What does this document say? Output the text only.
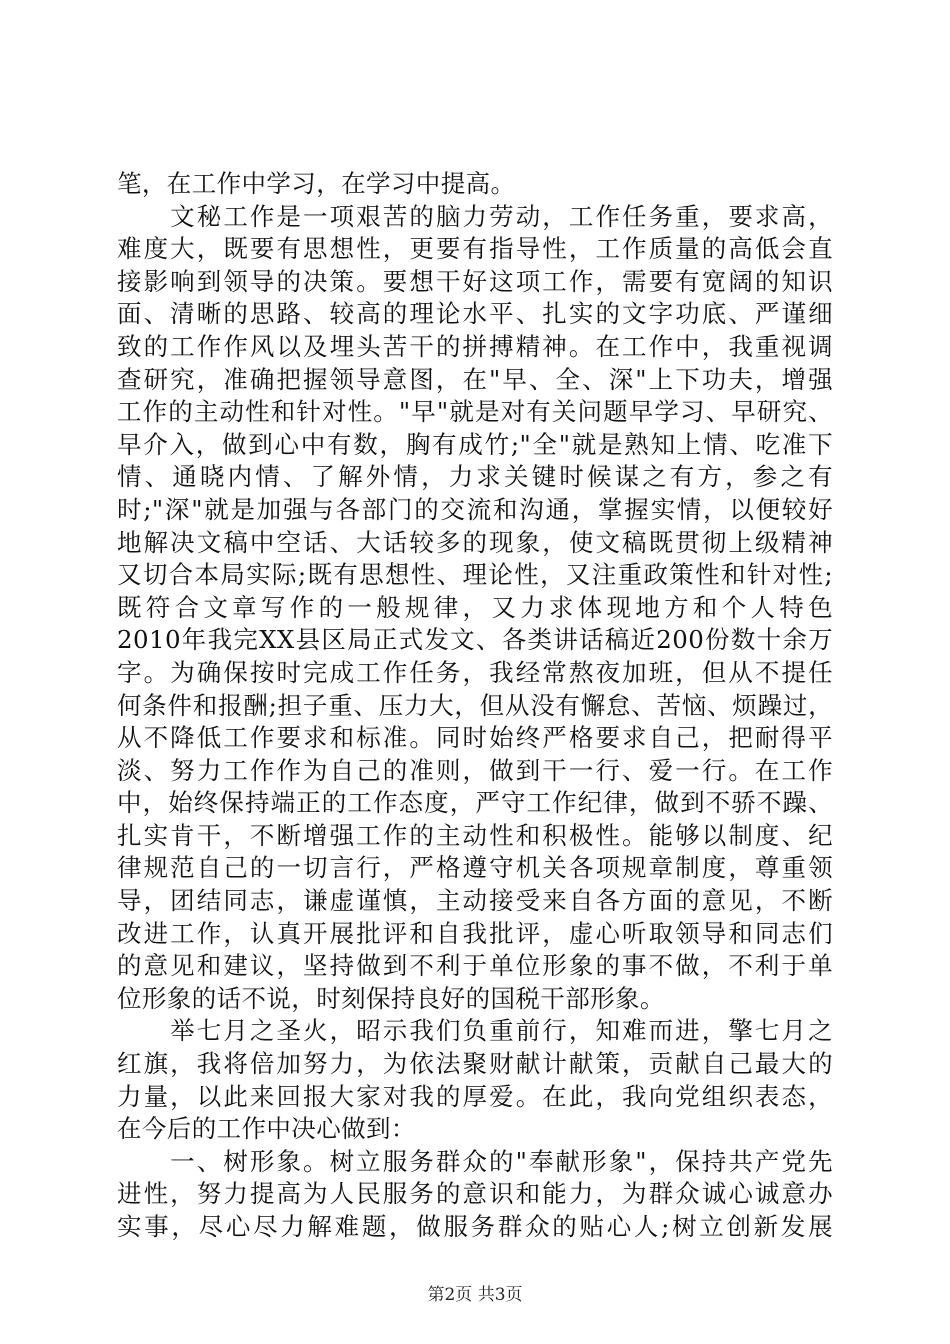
笔，在工作中学习，在学习中提高。
　　文秘工作是一项艰苦的脑力劳动，工作任务重，要求高，
难度大，既要有思想性，更要有指导性，工作质量的高低会直
接影响到领导的决策。要想干好这项工作，需要有宽阔的知识
面、清晰的思路、较高的理论水平、扎实的文字功底、严谨细
致的工作作风以及埋头苦干的拼搏精神。在工作中，我重视调
查研究，准确把握领导意图，在"早、全、深"上下功夫，增强
工作的主动性和针对性。"早"就是对有关问题早学习、早研究、
早介入，做到心中有数，胸有成竹;"全"就是熟知上情、吃准下
情、通晓内情、了解外情，力求关键时候谋之有方，参之有
时;"深"就是加强与各部门的交流和沟通，掌握实情，以便较好
地解决文稿中空话、大话较多的现象，使文稿既贯彻上级精神
又切合本局实际;既有思想性、理论性，又注重政策性和针对性;
既符合文章写作的一般规律，又力求体现地方和个人特色
2010年我完XX县区局正式发文、各类讲话稿近200份数十余万
字。为确保按时完成工作任务，我经常熬夜加班，但从不提任
何条件和报酬;担子重、压力大，但从没有懈怠、苦恼、烦躁过，
从不降低工作要求和标准。同时始终严格要求自己，把耐得平
淡、努力工作作为自己的准则，做到干一行、爱一行。在工作
中，始终保持端正的工作态度，严守工作纪律，做到不骄不躁、
扎实肯干，不断增强工作的主动性和积极性。能够以制度、纪
律规范自己的一切言行，严格遵守机关各项规章制度，尊重领
导，团结同志，谦虚谨慎，主动接受来自各方面的意见，不断
改进工作，认真开展批评和自我批评，虚心听取领导和同志们
的意见和建议，坚持做到不利于单位形象的事不做，不利于单
位形象的话不说，时刻保持良好的国税干部形象。
　　举七月之圣火，昭示我们负重前行，知难而进，擎七月之
红旗，我将倍加努力，为依法聚财献计献策，贡献自己最大的
力量，以此来回报大家对我的厚爱。在此，我向党组织表态，
在今后的工作中决心做到：
　　一、树形象。树立服务群众的"奉献形象"，保持共产党先
进性，努力提高为人民服务的意识和能力，为群众诚心诚意办
实事，尽心尽力解难题，做服务群众的贴心人;树立创新发展
第2页 共3页
